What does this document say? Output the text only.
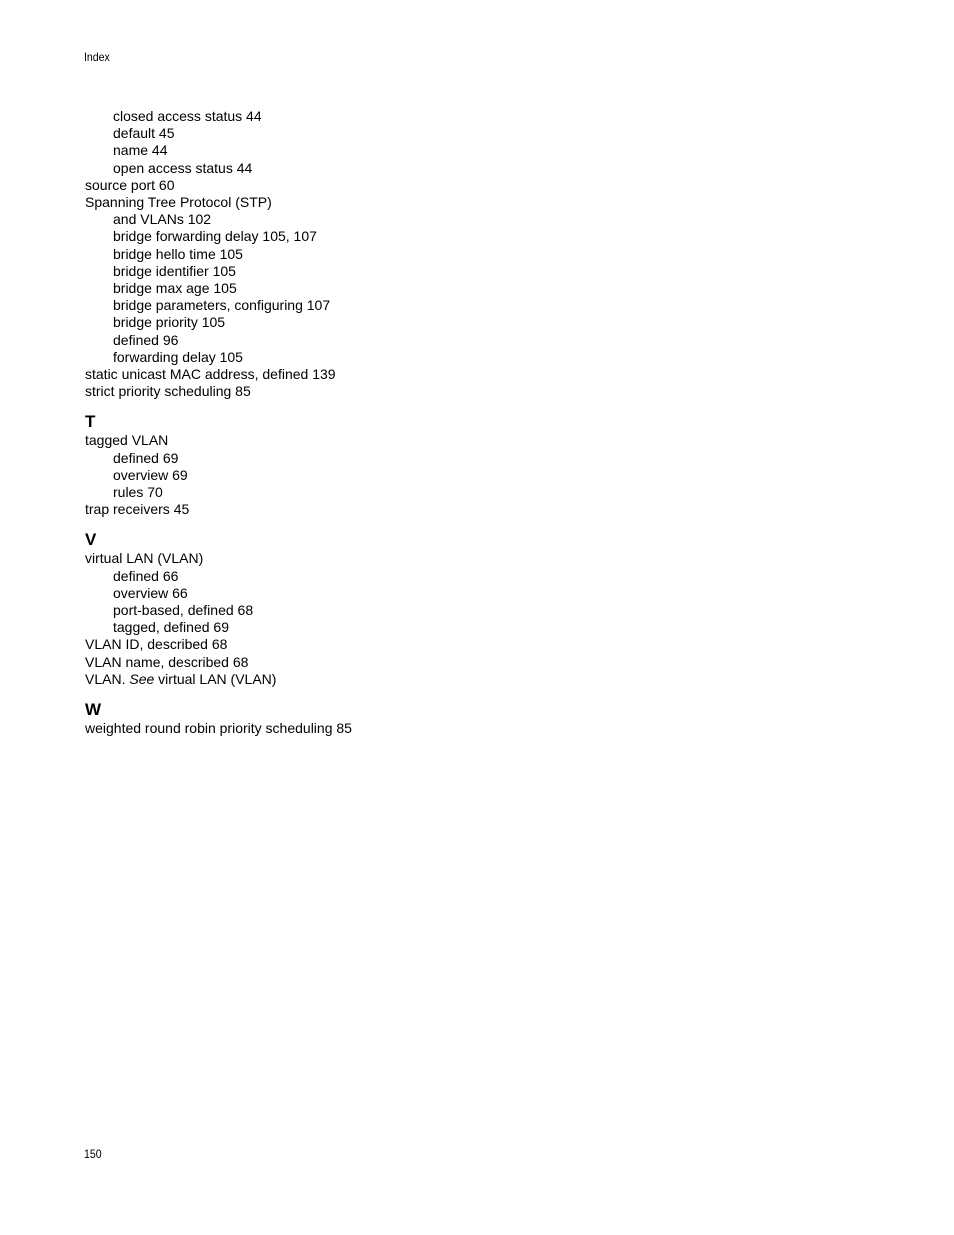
Index
closed access status 44
default 45
name 44
open access status 44
source port 60
Spanning Tree Protocol (STP)
and VLANs 102
bridge forwarding delay 105, 107
bridge hello time 105
bridge identifier 105
bridge max age 105
bridge parameters, configuring 107
bridge priority 105
defined 96
forwarding delay 105
static unicast MAC address, defined 139
strict priority scheduling 85
T
tagged VLAN
defined 69
overview 69
rules 70
trap receivers 45
V
virtual LAN (VLAN)
defined 66
overview 66
port-based, defined 68
tagged, defined 69
VLAN ID, described 68
VLAN name, described 68
VLAN. See virtual LAN (VLAN)
W
weighted round robin priority scheduling 85
150
